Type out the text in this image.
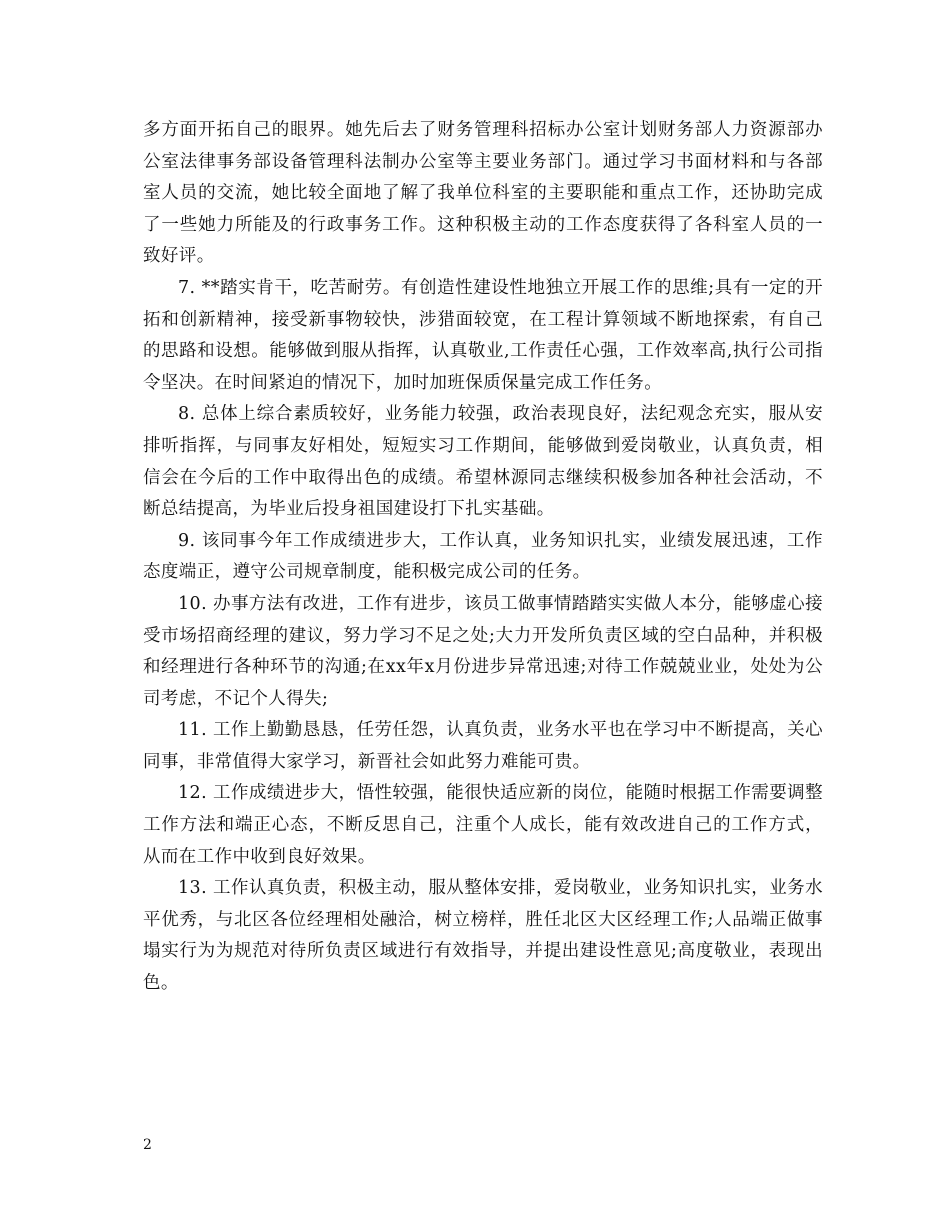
多方面开拓自己的眼界。她先后去了财务管理科招标办公室计划财务部人力资源部办公室法律事务部设备管理科法制办公室等主要业务部门。通过学习书面材料和与各部室人员的交流，她比较全面地了解了我单位科室的主要职能和重点工作，还协助完成了一些她力所能及的行政事务工作。这种积极主动的工作态度获得了各科室人员的一致好评。

7. **踏实肯干，吃苦耐劳。有创造性建设性地独立开展工作的思维;具有一定的开拓和创新精神，接受新事物较快，涉猎面较宽，在工程计算领域不断地探索，有自己的思路和设想。能够做到服从指挥，认真敬业,工作责任心强，工作效率高,执行公司指令坚决。在时间紧迫的情况下，加时加班保质保量完成工作任务。

8. 总体上综合素质较好，业务能力较强，政治表现良好，法纪观念充实，服从安排听指挥，与同事友好相处，短短实习工作期间，能够做到爱岗敬业，认真负责，相信会在今后的工作中取得出色的成绩。希望林源同志继续积极参加各种社会活动，不断总结提高，为毕业后投身祖国建设打下扎实基础。

9. 该同事今年工作成绩进步大，工作认真，业务知识扎实，业绩发展迅速，工作态度端正，遵守公司规章制度，能积极完成公司的任务。

10. 办事方法有改进，工作有进步，该员工做事情踏踏实实做人本分，能够虚心接受市场招商经理的建议，努力学习不足之处;大力开发所负责区域的空白品种，并积极和经理进行各种环节的沟通;在xx年x月份进步异常迅速;对待工作兢兢业业，处处为公司考虑，不记个人得失;

11. 工作上勤勤恳恳，任劳任怨，认真负责，业务水平也在学习中不断提高，关心同事，非常值得大家学习，新晋社会如此努力难能可贵。

12. 工作成绩进步大，悟性较强，能很快适应新的岗位，能随时根据工作需要调整工作方法和端正心态，不断反思自己，注重个人成长，能有效改进自己的工作方式，从而在工作中收到良好效果。

13. 工作认真负责，积极主动，服从整体安排，爱岗敬业，业务知识扎实，业务水平优秀，与北区各位经理相处融洽，树立榜样，胜任北区大区经理工作;人品端正做事塌实行为为规范对待所负责区域进行有效指导，并提出建设性意见;高度敬业，表现出色。

2
